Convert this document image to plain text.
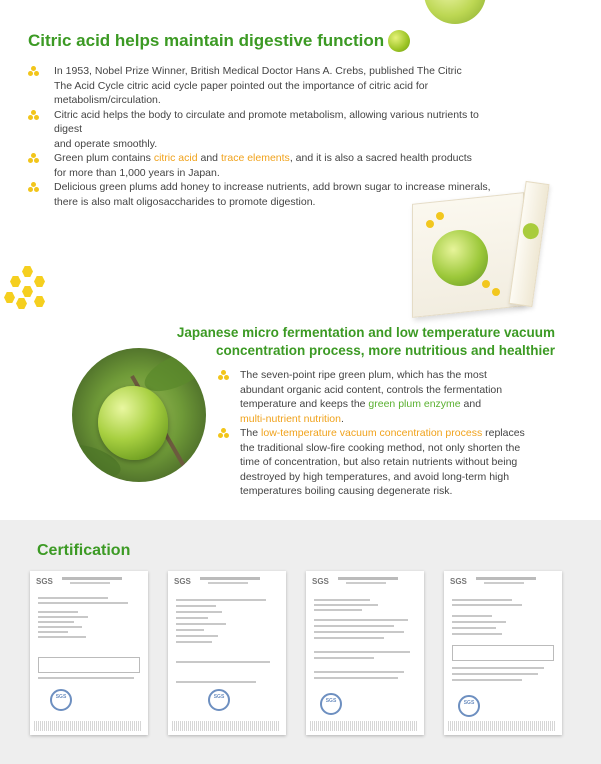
Citric acid helps maintain digestive function
In 1953, Nobel Prize Winner, British Medical Doctor Hans A. Crebs, published The Citric
The Acid Cycle citric acid cycle paper pointed out the importance of citric acid for
metabolism/circulation.
Citric acid helps the body to circulate and promote metabolism, allowing various nutrients to digest
and operate smoothly.
Green plum contains citric acid and trace elements, and it is also a sacred health products
for more than 1,000 years in Japan.
Delicious green plums add honey to increase nutrients, add brown sugar to increase minerals,
there is also malt oligosaccharides to promote digestion.
Japanese micro fermentation and low temperature vacuum
concentration process, more nutritious and healthier
The seven-point ripe green plum, which has the most
abundant organic acid content, controls the fermentation
temperature and keeps the green plum enzyme and
multi-nutrient nutrition.
The low-temperature vacuum concentration process replaces
the traditional slow-fire cooking method, not only shorten the
time of concentration, but also retain nutrients without being
destroyed by high temperatures, and avoid long-term high
temperatures boiling causing degenerate risk.
Certification
SGS
SGS
SGS
SGS
SGS
SGS
SGS
SGS
